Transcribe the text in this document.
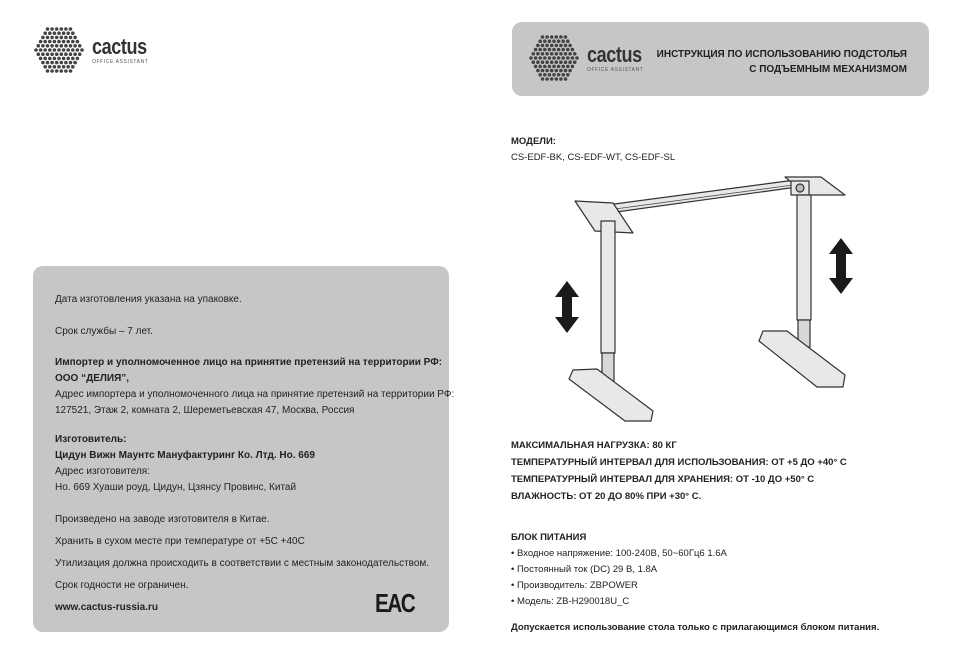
cactus
OFFICE ASSISTANT

Дата изготовления указана на упаковке.

Срок службы – 7 лет.

Импортер и уполномоченное лицо на принятие претензий на территории РФ:

ООО “ДЕЛИЯ”,

Адрес импортера и уполномоченного лица на принятие претензий на территории РФ:

127521, Этаж 2, комната 2, Шереметьевская 47, Москва, Россия

Изготовитель:

Цидун Вижн Маунтс Мануфактуринг Ко. Лтд. Но. 669

Адрес изготовителя:

Но. 669 Хуаши роуд, Цидун, Цзянсу Провинс, Китай

Произведено на заводе изготовителя в Китае.

Хранить в сухом месте при температуре от +5С +40С

Утилизация должна происходить в соответствии с местным законодательством.

Срок годности не ограничен.

www.cactus-russia.ru	EAC
cactus
OFFICE ASSISTANT
ИНСТРУКЦИЯ ПО ИСПОЛЬЗОВАНИЮ ПОДСТОЛЬЯ
С ПОДЪЕМНЫМ МЕХАНИЗМОМ
МОДЕЛИ:
CS-EDF-BK, CS-EDF-WT, CS-EDF-SL
МАКСИМАЛЬНАЯ НАГРУЗКА: 80 КГ
ТЕМПЕРАТУРНЫЙ ИНТЕРВАЛ ДЛЯ ИСПОЛЬЗОВАНИЯ: ОТ +5 ДО +40° С
ТЕМПЕРАТУРНЫЙ ИНТЕРВАЛ ДЛЯ ХРАНЕНИЯ: ОТ -10 ДО +50° С
ВЛАЖНОСТЬ: ОТ 20 ДО 80% ПРИ +30° С.
БЛОК ПИТАНИЯ
• Входное напряжение: 100-240В, 50~60Гц6 1.6А
• Постоянный ток (DC) 29 В, 1.8А
• Производитель: ZBPOWER
• Модель: ZB-H290018U_C
Допускается использование стола только с прилагающимся блоком питания.
